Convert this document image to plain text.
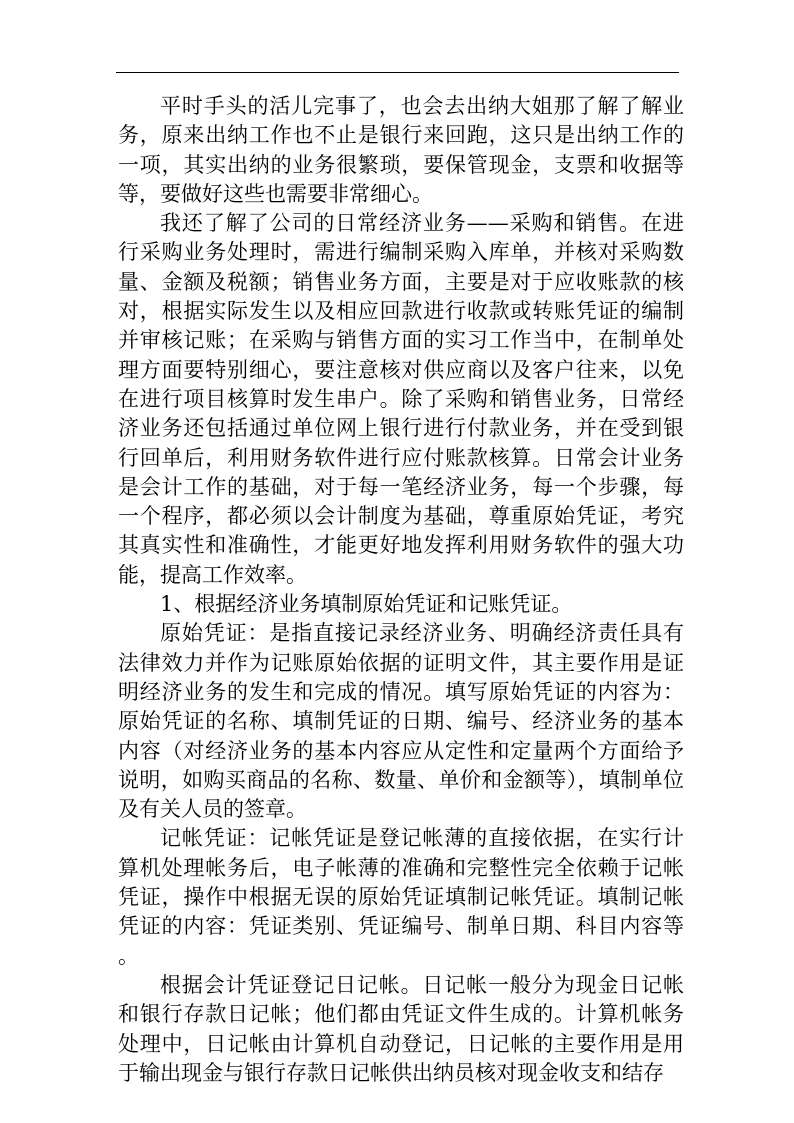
平时手头的活儿完事了，也会去出纳大姐那了解了解业务，原来出纳工作也不止是银行来回跑，这只是出纳工作的一项，其实出纳的业务很繁琐，要保管现金，支票和收据等等，要做好这些也需要非常细心。

我还了解了公司的日常经济业务——采购和销售。在进行采购业务处理时，需进行编制采购入库单，并核对采购数量、金额及税额；销售业务方面，主要是对于应收账款的核对，根据实际发生以及相应回款进行收款或转账凭证的编制并审核记账；在采购与销售方面的实习工作当中，在制单处理方面要特别细心，要注意核对供应商以及客户往来，以免在进行项目核算时发生串户。除了采购和销售业务，日常经济业务还包括通过单位网上银行进行付款业务，并在受到银行回单后，利用财务软件进行应付账款核算。日常会计业务是会计工作的基础，对于每一笔经济业务，每一个步骤，每一个程序，都必须以会计制度为基础，尊重原始凭证，考究其真实性和准确性，才能更好地发挥利用财务软件的强大功能，提高工作效率。

1、根据经济业务填制原始凭证和记账凭证。

原始凭证：是指直接记录经济业务、明确经济责任具有法律效力并作为记账原始依据的证明文件，其主要作用是证明经济业务的发生和完成的情况。填写原始凭证的内容为：原始凭证的名称、填制凭证的日期、编号、经济业务的基本内容（对经济业务的基本内容应从定性和定量两个方面给予说明，如购买商品的名称、数量、单价和金额等），填制单位及有关人员的签章。

记帐凭证：记帐凭证是登记帐薄的直接依据，在实行计算机处理帐务后，电子帐薄的准确和完整性完全依赖于记帐凭证，操作中根据无误的原始凭证填制记帐凭证。填制记帐凭证的内容：凭证类别、凭证编号、制单日期、科目内容等 。

根据会计凭证登记日记帐。日记帐一般分为现金日记帐和银行存款日记帐；他们都由凭证文件生成的。计算机帐务处理中，日记帐由计算机自动登记，日记帐的主要作用是用于输出现金与银行存款日记帐供出纳员核对现金收支和结存
